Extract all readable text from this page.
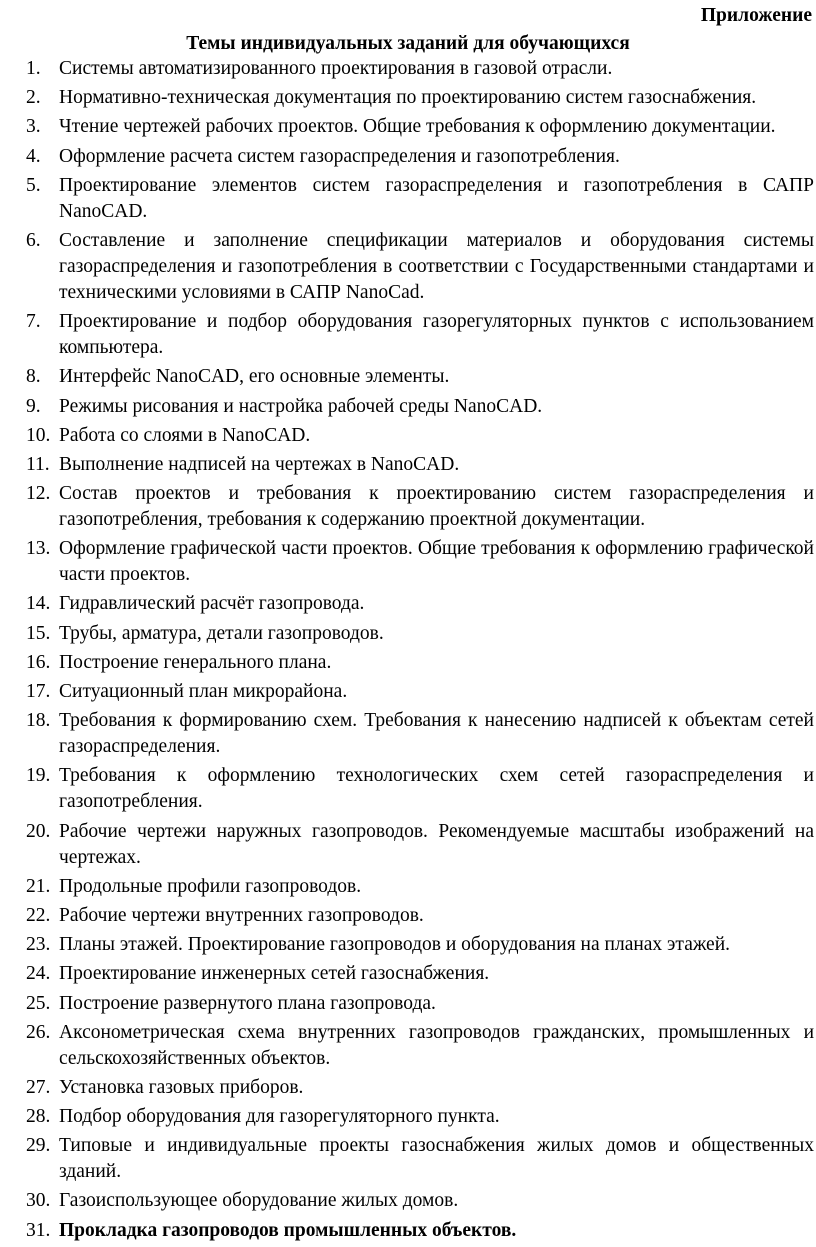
Приложение
Темы индивидуальных заданий для обучающихся
1. Системы автоматизированного проектирования в газовой отрасли.
2. Нормативно-техническая документация по проектированию систем газоснабжения.
3. Чтение чертежей рабочих проектов. Общие требования к оформлению документации.
4. Оформление расчета систем газораспределения и газопотребления.
5. Проектирование элементов систем газораспределения и газопотребления в САПР NanoCAD.
6. Составление и заполнение спецификации материалов и оборудования системы газораспределения и газопотребления в соответствии с Государственными стандартами и техническими условиями в САПР NanoCad.
7. Проектирование и подбор оборудования газорегуляторных пунктов с использованием компьютера.
8. Интерфейс NanoCAD, его основные элементы.
9. Режимы рисования и настройка рабочей среды NanoCAD.
10. Работа со слоями в NanoCAD.
11. Выполнение надписей на чертежах в NanoCAD.
12. Состав проектов и требования к проектированию систем газораспределения и газопотребления, требования к содержанию проектной документации.
13. Оформление графической части проектов. Общие требования к оформлению графической части проектов.
14. Гидравлический расчёт газопровода.
15. Трубы, арматура, детали газопроводов.
16. Построение генерального плана.
17. Ситуационный план микрорайона.
18. Требования к формированию схем. Требования к нанесению надписей к объектам сетей газораспределения.
19. Требования к оформлению технологических схем сетей газораспределения и газопотребления.
20. Рабочие чертежи наружных газопроводов. Рекомендуемые масштабы изображений на чертежах.
21. Продольные профили газопроводов.
22. Рабочие чертежи внутренних газопроводов.
23. Планы этажей. Проектирование газопроводов и оборудования на планах этажей.
24. Проектирование инженерных сетей газоснабжения.
25. Построение развернутого плана газопровода.
26. Аксонометрическая схема внутренних газопроводов гражданских, промышленных и сельскохозяйственных объектов.
27. Установка газовых приборов.
28. Подбор оборудования для газорегуляторного пункта.
29. Типовые и индивидуальные проекты газоснабжения жилых домов и общественных зданий.
30. Газоиспользующее оборудование жилых домов.
31. Прокладка газопроводов промышленных объектов.
